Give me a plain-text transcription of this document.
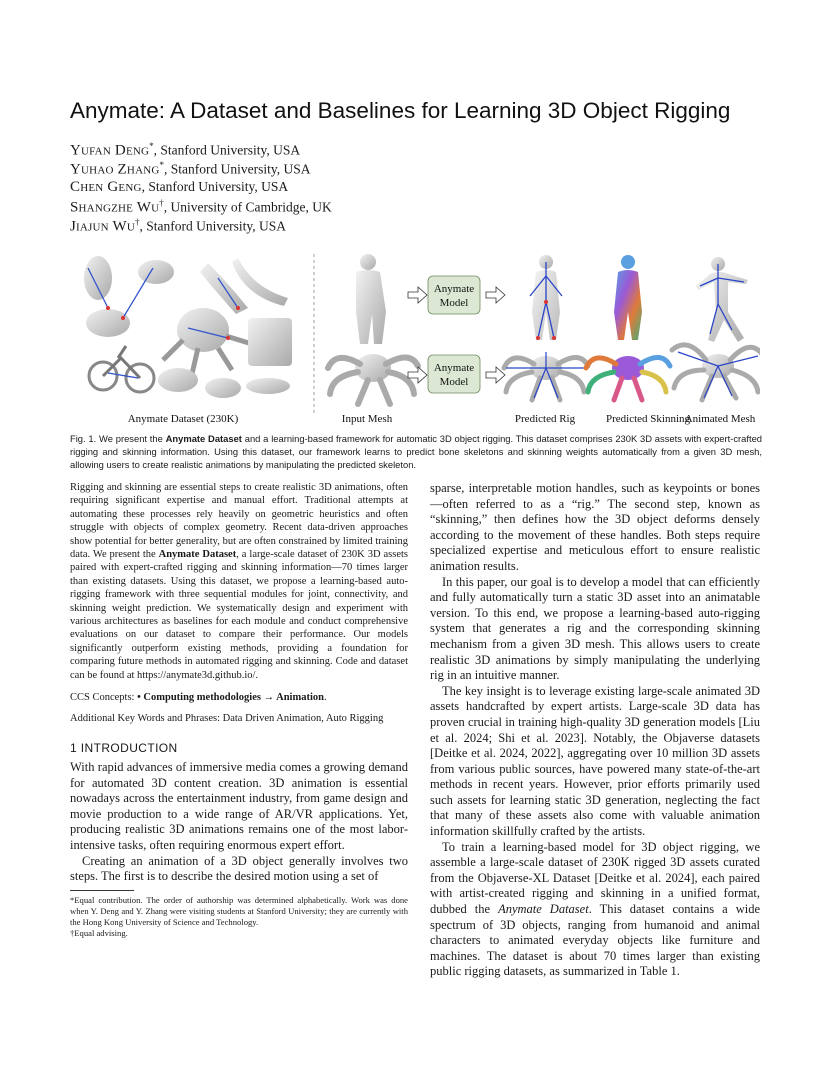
Anymate: A Dataset and Baselines for Learning 3D Object Rigging
Yufan Deng*, Stanford University, USA
Yuhao Zhang*, Stanford University, USA
Chen Geng, Stanford University, USA
Shangzhe Wu†, University of Cambridge, UK
Jiajun Wu†, Stanford University, USA
Anymate
Model
Anymate
Model
Anymate Dataset (230K)	Input Mesh	Predicted Rig	Predicted Skinning
Animated Mesh
Fig. 1. We present the Anymate Dataset and a learning-based framework for automatic 3D object rigging. This dataset comprises 230K 3D assets with expert-crafted rigging and skinning information. Using this dataset, our framework learns to predict bone skeletons and skinning weights automatically from a given 3D mesh, allowing users to create realistic animations by manipulating the predicted skeleton.
Rigging and skinning are essential steps to create realistic 3D animations, often requiring significant expertise and manual effort. Traditional attempts at automating these processes rely heavily on geometric heuristics and often struggle with objects of complex geometry. Recent data-driven approaches show potential for better generality, but are often constrained by limited training data. We present the Anymate Dataset, a large-scale dataset of 230K 3D assets paired with expert-crafted rigging and skinning information—70 times larger than existing datasets. Using this dataset, we propose a learning-based auto-rigging framework with three sequential modules for joint, connectivity, and skinning weight prediction. We systematically design and experiment with various architectures as baselines for each module and conduct comprehensive evaluations on our dataset to compare their performance. Our models significantly outperform existing methods, providing a foundation for comparing future methods in automated rigging and skinning. Code and dataset can be found at https://anymate3d.github.io/.
CCS Concepts: • Computing methodologies → Animation.
Additional Key Words and Phrases: Data Driven Animation, Auto Rigging
1 INTRODUCTION

With rapid advances of immersive media comes a growing demand for automated 3D content creation. 3D animation is essential nowadays across the entertainment industry, from game design and movie production to a wide range of AR/VR applications. Yet, producing realistic 3D animations remains one of the most labor-intensive tasks, often requiring enormous expert effort.

Creating an animation of a 3D object generally involves two steps. The first is to describe the desired motion using a set of

*Equal contribution. The order of authorship was determined alphabetically. Work was done when Y. Deng and Y. Zhang were visiting students at Stanford University; they are currently with the Hong Kong University of Science and Technology.

†Equal advising.

sparse, interpretable motion handles, such as keypoints or bones—often referred to as a “rig.” The second step, known as “skinning,” then defines how the 3D object deforms densely according to the movement of these handles. Both steps require specialized expertise and meticulous effort to ensure realistic animation results.

In this paper, our goal is to develop a model that can efficiently and fully automatically turn a static 3D asset into an animatable version. To this end, we propose a learning-based auto-rigging system that generates a rig and the corresponding skinning mechanism from a given 3D mesh. This allows users to create realistic 3D animations by simply manipulating the underlying rig in an intuitive manner.

The key insight is to leverage existing large-scale animated 3D assets handcrafted by expert artists. Large-scale 3D data has proven crucial in training high-quality 3D generation models [Liu et al. 2024; Shi et al. 2023]. Notably, the Objaverse datasets [Deitke et al. 2024, 2022], aggregating over 10 million 3D assets from various public sources, have powered many state-of-the-art methods in recent years. However, prior efforts primarily used such assets for learning static 3D generation, neglecting the fact that many of these assets also come with valuable animation information skillfully crafted by the artists.

To train a learning-based model for 3D object rigging, we assemble a large-scale dataset of 230K rigged 3D assets curated from the Objaverse-XL Dataset [Deitke et al. 2024], each paired with artist-created rigging and skinning in a unified format, dubbed the Anymate Dataset. This dataset contains a wide spectrum of 3D objects, ranging from humanoid and animal characters to animated everyday objects like furniture and machines. The dataset is about 70 times larger than existing public rigging datasets, as summarized in Table 1.
